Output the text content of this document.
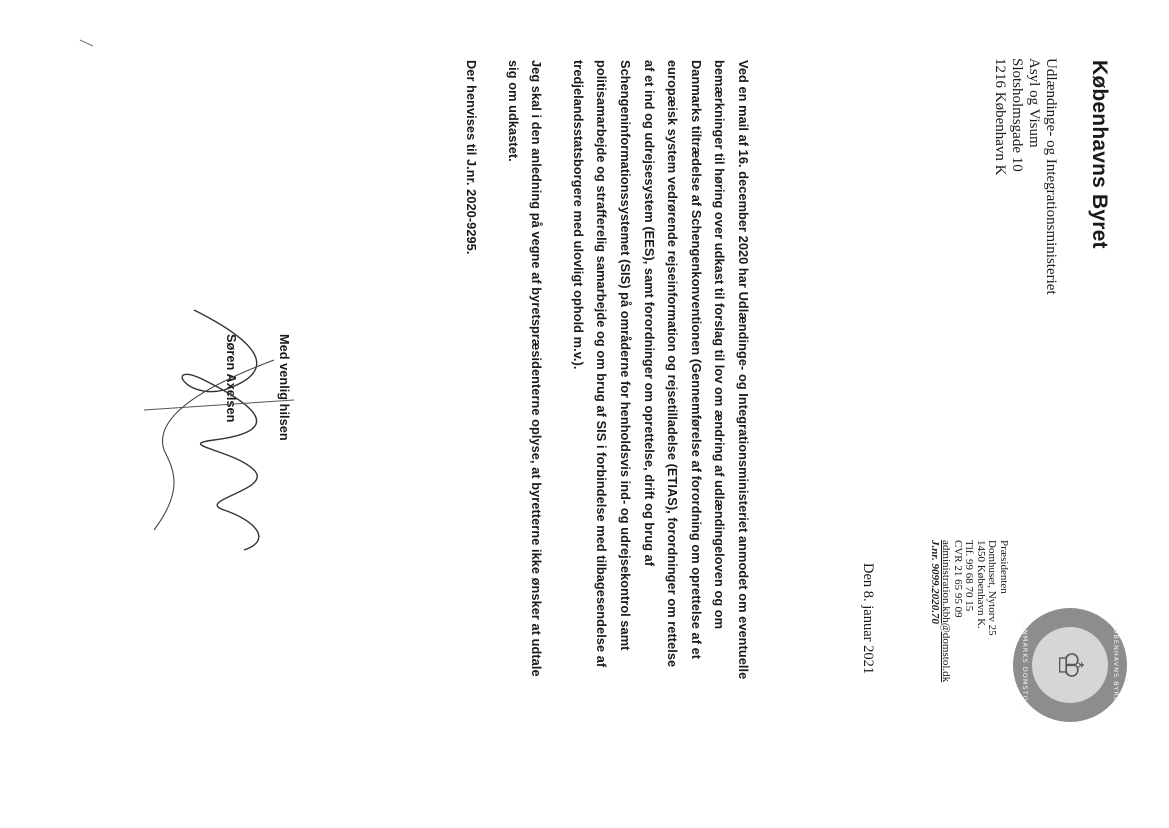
Københavns Byret
KØBENHAVNS BYRET
♔
DANMARKS DOMSTOLE
Udlændinge- og Integrationsministeriet
Asyl og Visum
Slotsholmsgade 10
1216 København K
Præsidenten
Domhuset, Nytorv 25
1450 København K.
Tlf. 99 68 70 15
CVR 21 65 95 09
administration.kbh@domstol.dk
J.nr. 9099.2020.70
Den 8. januar 2021

Ved en mail af 16. december 2020 har Udlændinge- og Integrationsministeriet anmodet om eventuelle bemærkninger til høring over udkast til forslag til lov om ændring af udlændingeloven og om Danmarks tiltrædelse af Schengenkonventionen (Gennemførelse af forordning om oprettelse af et europæisk system vedrørende rejseinformation og rejsetilladelse (ETIAS), forordninger om rettelse af et ind og udrejsesystem (EES), samt forordninger om oprettelse, drift og brug af Schengeninformationssystemet (SIS) på områderne for henholdsvis ind- og udrejsekontrol samt politisamarbejde og strafferelig samarbejde og om brug af SIS i forbindelse med tilbagesendelse af tredjelandsstatsborgere med ulovligt ophold m.v.).

Jeg skal i den anledning på vegne af byretspræsidenterne oplyse, at byretterne ikke ønsker at udtale sig om udkastet.

Der henvises til J.nr. 2020-9295.

Med venlig hilsen
Søren Axelsen
